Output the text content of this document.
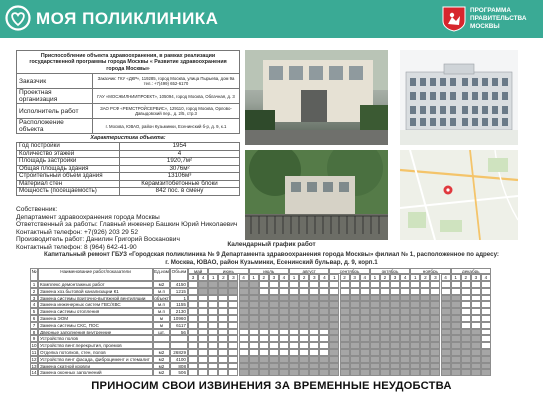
МОЯ ПОЛИКЛИНИКА	ПРОГРАММА
ПРАВИТЕЛЬСТВА
МОСКВЫ
Приспособление объекта здравоохранения, в рамках реализации государственной программы города Москвы « Развитие здравоохранения города Москвы»
Заказчик	Заказчик: ГКУ «ДКР», 119285, город Москва, улица Пырьева, дом 9а тел.: +7(499) 652-6170
Проектная организация	ГАУ «МОСЖИЛНИИПРОЕКТ», 105094, город Москва, Облачная, д. 3
Исполнитель работ	ЗАО РСФ «РЕМСТРОЙСЕРВИС», 129110, город Москва, Орлово-Давыдовский пер., д. 2/5, стр.3
Расположение объекта	г. Москва, ЮВАО, район Кузьминки, Есенинский б-р, д. 9, к.1
Характеристика объекта:
Год постройки	1954
Количество этажей	4
Площадь застройки	1920,7м²
Общая площадь здания	3076м²
Строительный объем здания	13106м³
Материал стен	Керамзитобетонные блоки
Мощность (посещаемость)	842 пос. в смену
Собственник:
Департамент здравоохранения города Москвы
Ответственный за работы: Главный инженер Башкин Юрий Николаевич
Контактный телефон: +7(926) 203 29 52
Производитель работ: Данилин Григорий Восканович
Контактный телефон: 8 (964) 642-41-90	Календарный график работ
Капитальный ремонт ГБУЗ «Городская поликлиника № 9 Департамента здравоохранения города Москвы» филиал № 1, расположенное по адресу:
г. Москва, ЮВАО, район Кузьминки, Есенинский бульвар, д. 9, корп.1
№	Наименование работ/показатели	Ед.изм Объем	май	июнь	июль	август	сентябрь	октябрь	ноябрь	декабрь
3	4	1	2	3	4	1	2	3	4	1	2	3	4	1	2	3	4	1	2	3	4	1	2	3	4	1	2	3	4
1	Комплекс демонтажных работ	м2	4150
2	Замена хоз.бытовой канализации К1	м.п	1215
3	Замена системы приточно-вытяжной вентиляции	объект	1
4	Замена инженерных систем ГВС/ХВС	м.п	1155
5	Замена системы отопления	м.п	2130
6	Замена ЭОМ	м	10960
7	Замена системы СКС, ПОС	м	6117
8	Дверные заполнения внутренние	шт.	56
9	Устройство полов
10 Устройство вент.перекрытия, проемов
11 Отделка потолков, стен, полов	м2	26829
12 Устройство вент фасада, фиброцемент и стемалит	м2	4100
13 Замена скатной кровли	м2	808
14 Замена оконных заполнений	м2	506
ПРИНОСИМ СВОИ ИЗВИНЕНИЯ ЗА ВРЕМЕННЫЕ НЕУДОБСТВА
